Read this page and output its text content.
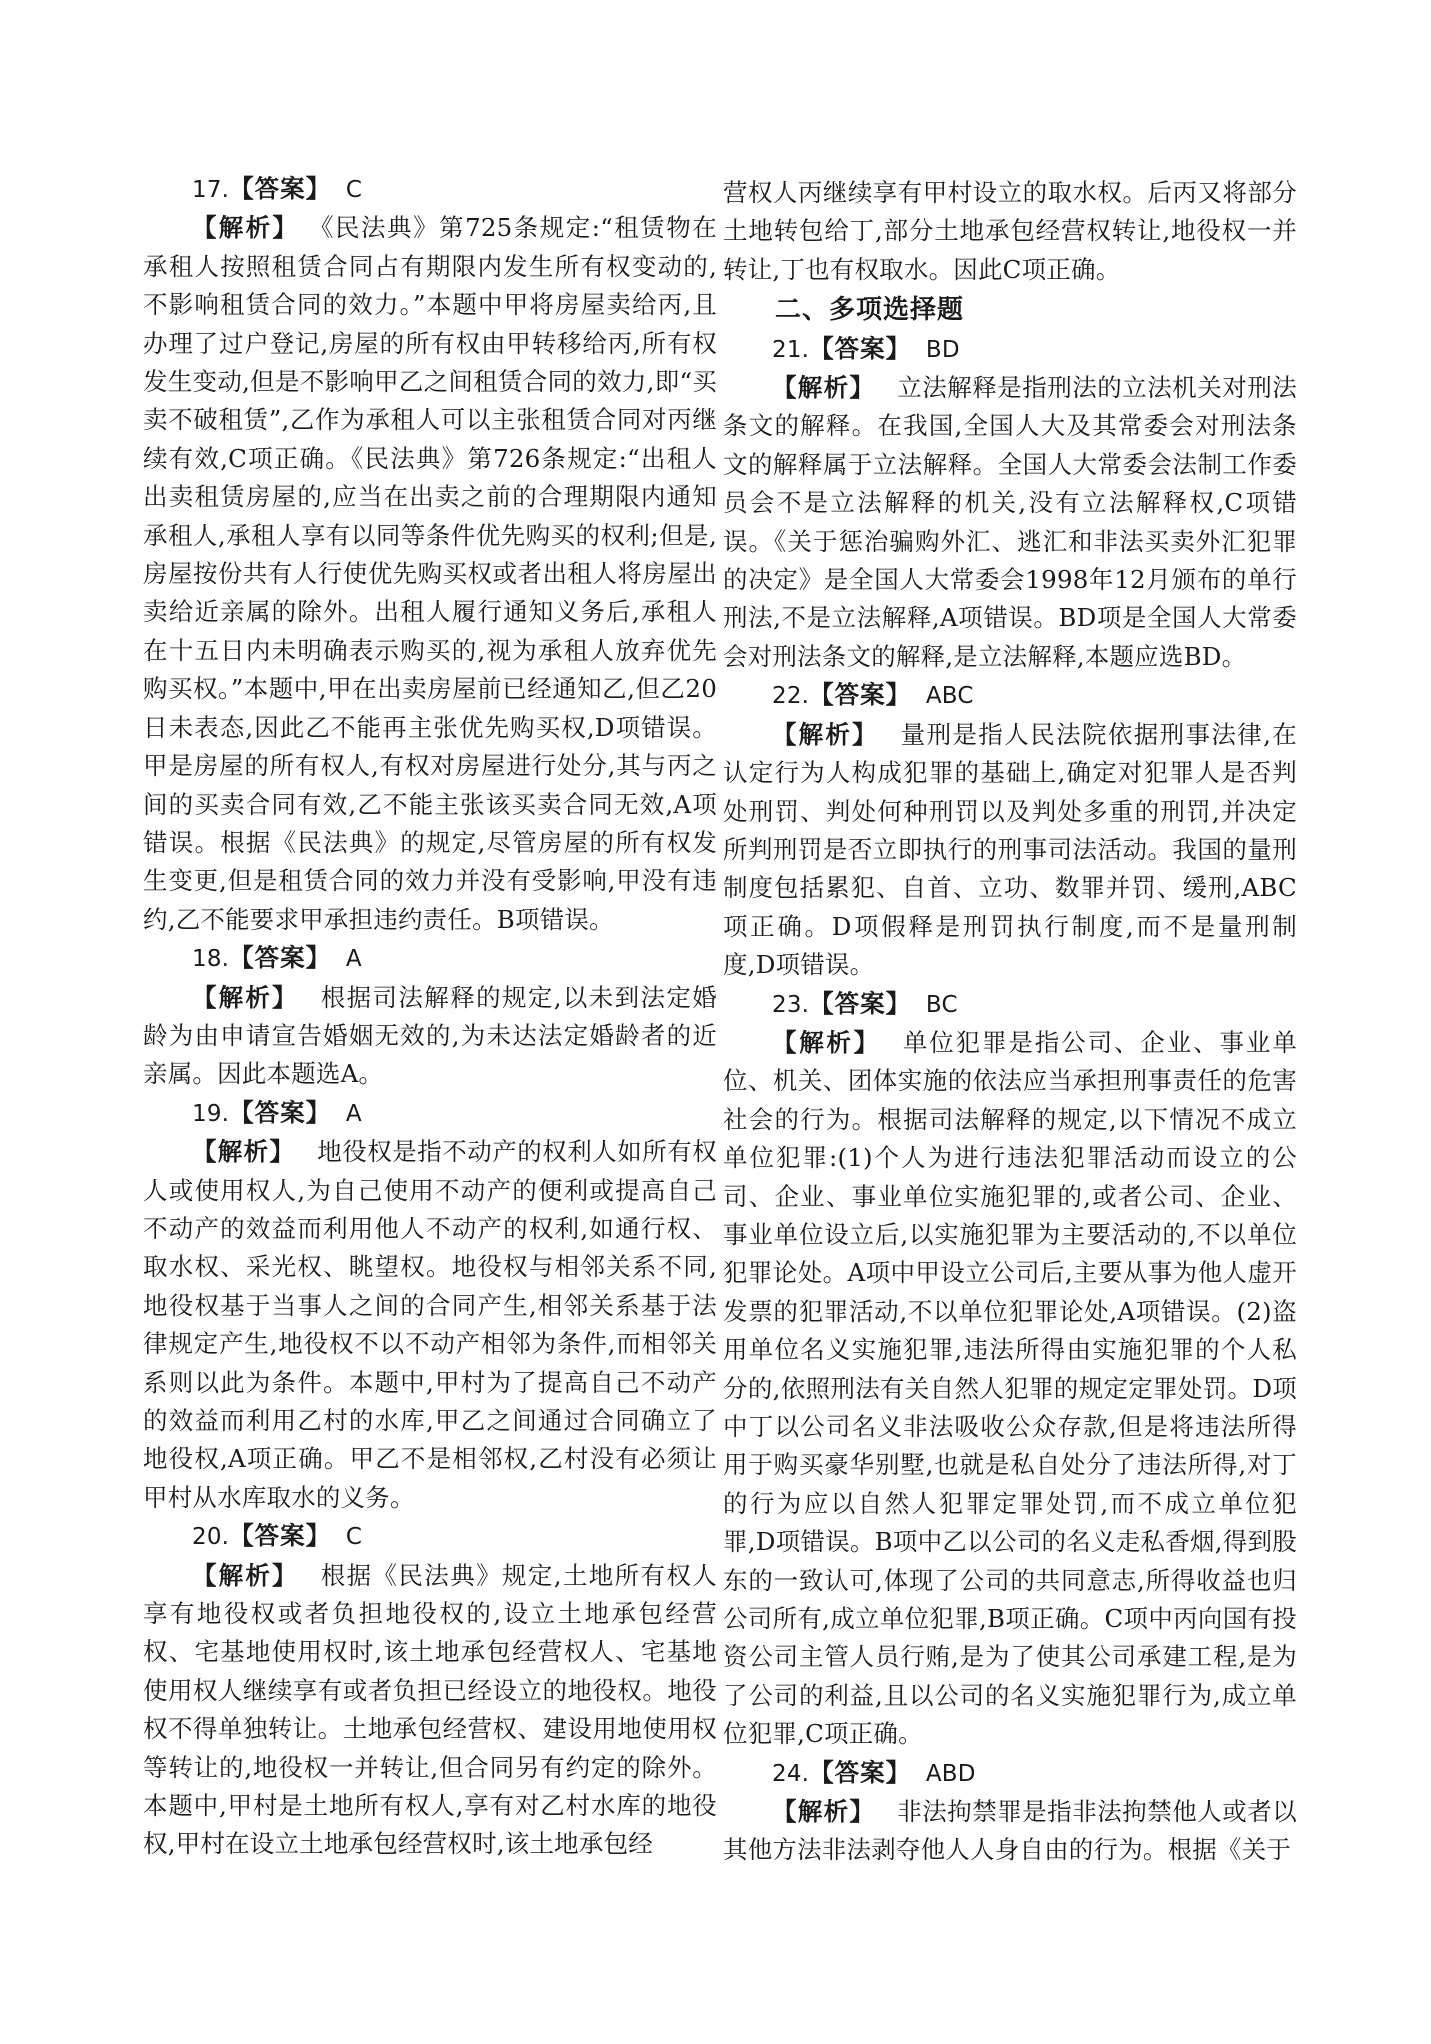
17.【答案】 C

【解析】 《民法典》第725条规定:“租赁物在承租人按照租赁合同占有期限内发生所有权变动的,不影响租赁合同的效力。”本题中甲将房屋卖给丙,且办理了过户登记,房屋的所有权由甲转移给丙,所有权发生变动,但是不影响甲乙之间租赁合同的效力,即“买卖不破租赁”,乙作为承租人可以主张租赁合同对丙继续有效,C项正确。《民法典》第726条规定:“出租人出卖租赁房屋的,应当在出卖之前的合理期限内通知承租人,承租人享有以同等条件优先购买的权利;但是,房屋按份共有人行使优先购买权或者出租人将房屋出卖给近亲属的除外。出租人履行通知义务后,承租人在十五日内未明确表示购买的,视为承租人放弃优先购买权。”本题中,甲在出卖房屋前已经通知乙,但乙20日未表态,因此乙不能再主张优先购买权,D项错误。甲是房屋的所有权人,有权对房屋进行处分,其与丙之间的买卖合同有效,乙不能主张该买卖合同无效,A项错误。根据《民法典》的规定,尽管房屋的所有权发生变更,但是租赁合同的效力并没有受影响,甲没有违约,乙不能要求甲承担违约责任。B项错误。

18.【答案】 A

【解析】 根据司法解释的规定,以未到法定婚龄为由申请宣告婚姻无效的,为未达法定婚龄者的近亲属。因此本题选A。

19.【答案】 A

【解析】 地役权是指不动产的权利人如所有权人或使用权人,为自己使用不动产的便利或提高自己不动产的效益而利用他人不动产的权利,如通行权、取水权、采光权、眺望权。地役权与相邻关系不同,地役权基于当事人之间的合同产生,相邻关系基于法律规定产生,地役权不以不动产相邻为条件,而相邻关系则以此为条件。本题中,甲村为了提高自己不动产的效益而利用乙村的水库,甲乙之间通过合同确立了地役权,A项正确。甲乙不是相邻权,乙村没有必须让甲村从水库取水的义务。

20.【答案】 C

【解析】 根据《民法典》规定,土地所有权人享有地役权或者负担地役权的,设立土地承包经营权、宅基地使用权时,该土地承包经营权人、宅基地使用权人继续享有或者负担已经设立的地役权。地役权不得单独转让。土地承包经营权、建设用地使用权等转让的,地役权一并转让,但合同另有约定的除外。本题中,甲村是土地所有权人,享有对乙村水库的地役权,甲村在设立土地承包经营权时,该土地承包经

营权人丙继续享有甲村设立的取水权。后丙又将部分土地转包给丁,部分土地承包经营权转让,地役权一并转让,丁也有权取水。因此C项正确。

二、多项选择题

21.【答案】 BD

【解析】 立法解释是指刑法的立法机关对刑法条文的解释。在我国,全国人大及其常委会对刑法条文的解释属于立法解释。全国人大常委会法制工作委员会不是立法解释的机关,没有立法解释权,C项错误。《关于惩治骗购外汇、逃汇和非法买卖外汇犯罪的决定》是全国人大常委会1998年12月颁布的单行刑法,不是立法解释,A项错误。BD项是全国人大常委会对刑法条文的解释,是立法解释,本题应选BD。

22.【答案】 ABC

【解析】 量刑是指人民法院依据刑事法律,在认定行为人构成犯罪的基础上,确定对犯罪人是否判处刑罚、判处何种刑罚以及判处多重的刑罚,并决定所判刑罚是否立即执行的刑事司法活动。我国的量刑制度包括累犯、自首、立功、数罪并罚、缓刑,ABC项正确。D项假释是刑罚执行制度,而不是量刑制度,D项错误。

23.【答案】 BC

【解析】 单位犯罪是指公司、企业、事业单位、机关、团体实施的依法应当承担刑事责任的危害社会的行为。根据司法解释的规定,以下情况不成立单位犯罪:(1)个人为进行违法犯罪活动而设立的公司、企业、事业单位实施犯罪的,或者公司、企业、事业单位设立后,以实施犯罪为主要活动的,不以单位犯罪论处。A项中甲设立公司后,主要从事为他人虚开发票的犯罪活动,不以单位犯罪论处,A项错误。(2)盗用单位名义实施犯罪,违法所得由实施犯罪的个人私分的,依照刑法有关自然人犯罪的规定定罪处罚。D项中丁以公司名义非法吸收公众存款,但是将违法所得用于购买豪华别墅,也就是私自处分了违法所得,对丁的行为应以自然人犯罪定罪处罚,而不成立单位犯罪,D项错误。B项中乙以公司的名义走私香烟,得到股东的一致认可,体现了公司的共同意志,所得收益也归公司所有,成立单位犯罪,B项正确。C项中丙向国有投资公司主管人员行贿,是为了使其公司承建工程,是为了公司的利益,且以公司的名义实施犯罪行为,成立单位犯罪,C项正确。

24.【答案】 ABD

【解析】 非法拘禁罪是指非法拘禁他人或者以其他方法非法剥夺他人人身自由的行为。根据《关于
